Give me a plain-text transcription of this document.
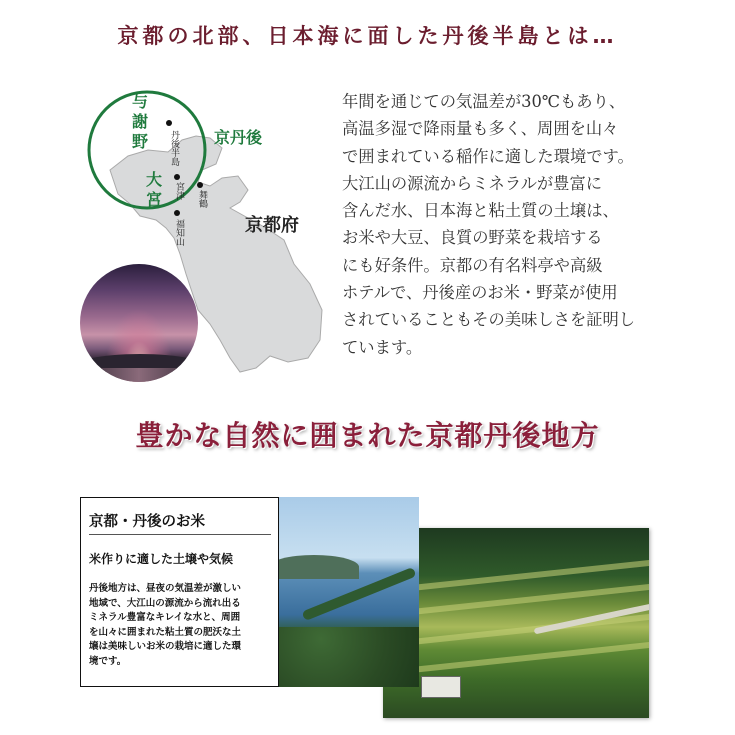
京都の北部、日本海に面した丹後半島とは…
与
謝
野
大
宮
京丹後
京都府
丹後半島
宮津
福知山
舞鶴
年間を通じての気温差が30℃もあり、
高温多湿で降雨量も多く、周囲を山々
で囲まれている稲作に適した環境です。
大江山の源流からミネラルが豊富に
含んだ水、日本海と粘土質の土壌は、
お米や大豆、良質の野菜を栽培する
にも好条件。京都の有名料亭や高級
ホテルで、丹後産のお米・野菜が使用
されていることもその美味しさを証明し
ています。
豊かな自然に囲まれた京都丹後地方
京都・丹後のお米
米作りに適した土壌や気候
丹後地方は、昼夜の気温差が激しい
地域で、大江山の源流から流れ出る
ミネラル豊富なキレイな水と、周囲
を山々に囲まれた粘土質の肥沃な土
壌は美味しいお米の栽培に適した環
境です。
